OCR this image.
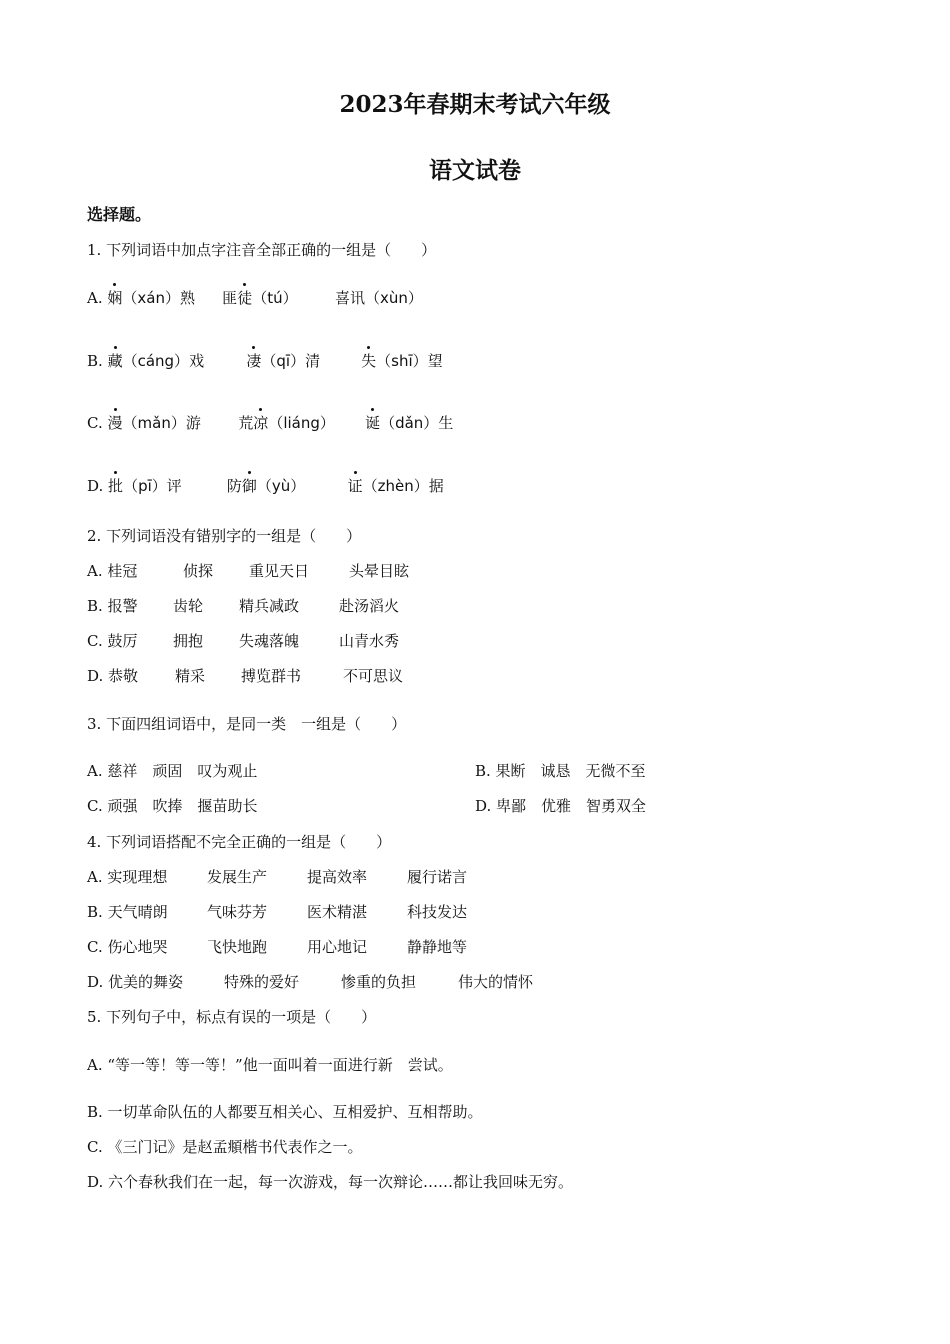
2023年春期末考试六年级
语文试卷
选择题。
1. 下列词语中加点字注音全部正确的一组是（　　）
A. 娴（xán）熟 匪徒（tú） 喜讯（xùn）
B. 藏（cáng）戏	凄（qī）清	失（shī）望
C. 漫（mǎn）游 荒凉（liáng） 诞（dǎn）生
D. 批（pī）评	防御（yù）	证（zhèn）据
2. 下列词语没有错别字的一组是（　　）
A. 桂冠	侦探 重见天日	头晕目眩
B. 报警 齿轮 精兵减政	赴汤滔火
C. 鼓厉 拥抱 失魂落魄	山青水秀
D. 恭敬 精采 搏览群书	不可思议
3. 下面四组词语中，是同一类　一组是（　　）
A. 慈祥　顽固　叹为观止	B. 果断　诚恳　无微不至
C. 顽强　吹捧　揠苗助长	D. 卑鄙　优雅　智勇双全
4. 下列词语搭配不完全正确的一组是（　　）
A. 实现理想	发展生产	提高效率	履行诺言
B. 天气晴朗	气味芬芳	医术精湛	科技发达
C. 伤心地哭	飞快地跑	用心地记	静静地等
D. 优美的舞姿	特殊的爱好	惨重的负担	伟大的情怀
5. 下列句子中，标点有误的一项是（　　）
A. “等一等！等一等！”他一面叫着一面进行新　尝试。
B. 一切革命队伍的人都要互相关心、互相爱护、互相帮助。
C. 《三门记》是赵孟頫楷书代表作之一。
D. 六个春秋我们在一起，每一次游戏，每一次辩论……都让我回味无穷。
